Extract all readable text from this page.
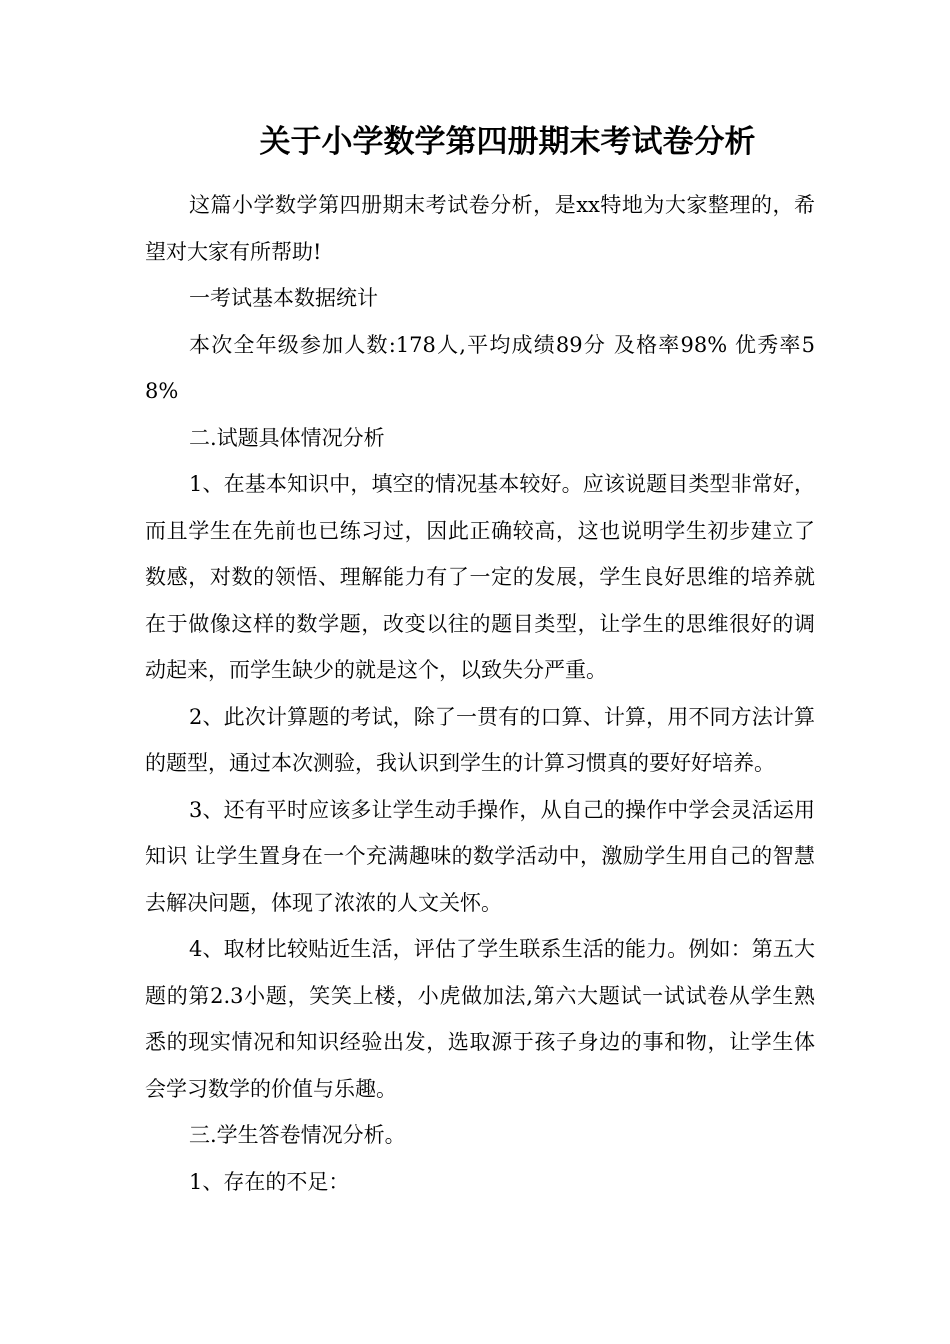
关于小学数学第四册期末考试卷分析

这篇小学数学第四册期末考试卷分析，是xx特地为大家整理的，希望对大家有所帮助!

一考试基本数据统计

本次全年级参加人数:178人,平均成绩89分 及格率98% 优秀率58%

二.试题具体情况分析

1、在基本知识中，填空的情况基本较好。应该说题目类型非常好，而且学生在先前也已练习过，因此正确较高，这也说明学生初步建立了数感，对数的领悟、理解能力有了一定的发展，学生良好思维的培养就在于做像这样的数学题，改变以往的题目类型，让学生的思维很好的调动起来，而学生缺少的就是这个，以致失分严重。

2、此次计算题的考试，除了一贯有的口算、计算，用不同方法计算的题型，通过本次测验，我认识到学生的计算习惯真的要好好培养。

3、还有平时应该多让学生动手操作，从自己的操作中学会灵活运用知识 让学生置身在一个充满趣味的数学活动中，激励学生用自己的智慧去解决问题，体现了浓浓的人文关怀。

4、取材比较贴近生活，评估了学生联系生活的能力。例如：第五大题的第2.3小题，笑笑上楼，小虎做加法,第六大题试一试试卷从学生熟悉的现实情况和知识经验出发，选取源于孩子身边的事和物，让学生体会学习数学的价值与乐趣。

三.学生答卷情况分析。

1、存在的不足：
